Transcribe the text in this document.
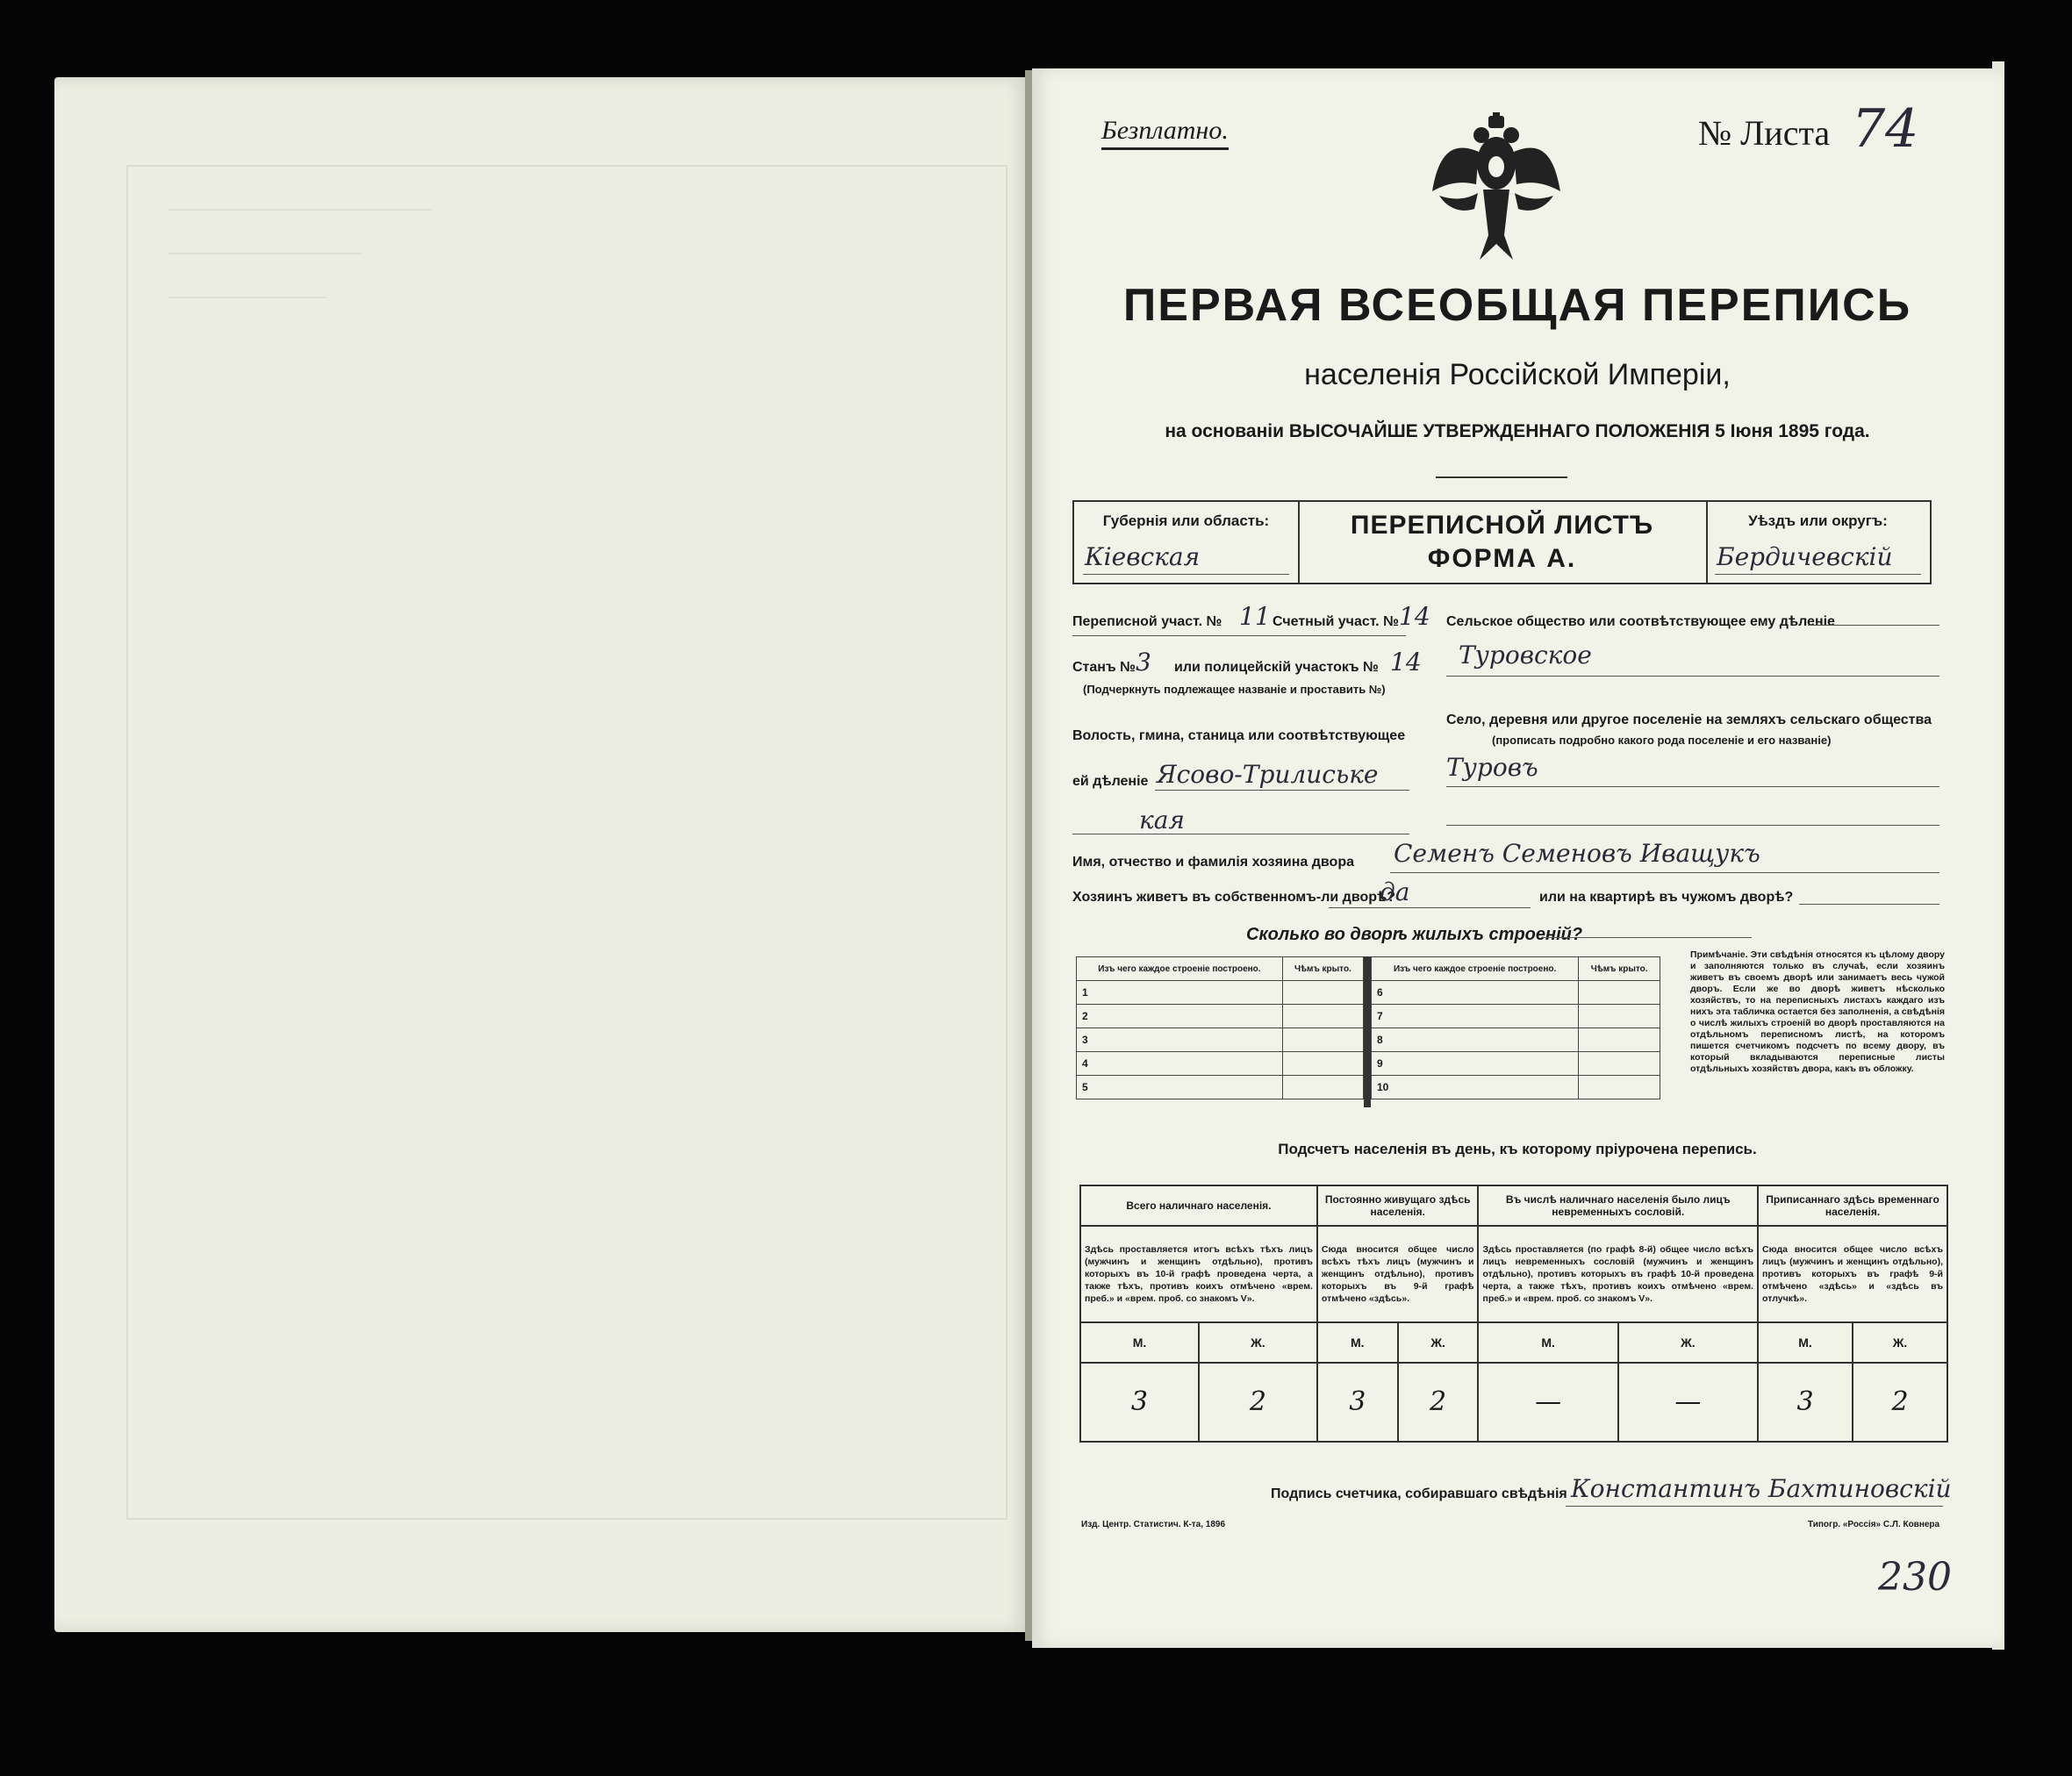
Безплатно.	№ Листа 74
ПЕРВАЯ ВСЕОБЩАЯ ПЕРЕПИСЬ
населенія Россійской Имперіи,
на основаніи ВЫСОЧАЙШЕ УТВЕРЖДЕННАГО ПОЛОЖЕНІЯ 5 Іюня 1895 года.
Губернія или область:
Кіевская
ПЕРЕПИСНОЙ ЛИСТЪ
ФОРМА А.
Уѣздъ или округъ:
Бердичевскій
Переписной участ. № 11 Счетный участ. № 14
Станъ № 3 или полицейскій участокъ № 14
(Подчеркнуть подлежащее названіе и проставить №)
Волость, гмина, станица или соотвѣтствующее
ей дѣленіе Ясово-Трилиське
кая
Сельское общество или соотвѣтствующее ему дѣленіе
Туровское
Село, деревня или другое поселеніе на земляхъ сельскаго общества
(прописать подробно какого рода поселеніе и его названіе)
Туровъ
Имя, отчество и фамилія хозяина двора Семенъ Семеновъ Иващукъ
Хозяинъ живетъ въ собственномъ-ли дворѣ?
да	или на квартирѣ въ чужомъ дворѣ?
Сколько во дворѣ жилыхъ строеній?
Изъ чего каждое строеніе построено.	Чѣмъ крыто.
1	
2	
3	
4	
5	
Изъ чего каждое строеніе построено.	Чѣмъ крыто.
6	
7	
8	
9	
10	
Примѣчаніе. Эти свѣдѣнія относятся къ цѣлому двору и заполняются только въ случаѣ, если хозяинъ живетъ въ своемъ дворѣ или занимаетъ весь чужой дворъ. Если же во дворѣ живетъ нѣсколько хозяйствъ, то на переписныхъ листахъ каждаго изъ нихъ эта табличка остается без заполненія, а свѣдѣнія о числѣ жилыхъ строеній во дворѣ проставляются на отдѣльномъ переписномъ листѣ, на которомъ пишется счетчикомъ подсчетъ по всему двору, въ который вкладываются переписные листы отдѣльныхъ хозяйствъ двора, какъ въ обложку.
Подсчетъ населенія въ день, къ которому пріурочена перепись.
Всего наличнаго населенія.		Постоянно живущаго здѣсь населенія.		Въ числѣ наличнаго населенія было лицъ невременныхъ сословій.		Приписаннаго здѣсь временнаго населенія.	
Здѣсь проставляется итогъ всѣхъ тѣхъ лицъ (мужчинъ и женщинъ отдѣльно), противъ которыхъ въ 10-й графѣ проведена черта, а также тѣхъ, противъ коихъ отмѣчено «врем. преб.» и «врем. проб. со знакомъ V».		Сюда вносится общее число всѣхъ тѣхъ лицъ (мужчинъ и женщинъ отдѣльно), противъ которыхъ въ 9-й графѣ отмѣчено «здѣсь».		Здѣсь проставляется (по графѣ 8-й) общее число всѣхъ лицъ невременныхъ сословій (мужчинъ и женщинъ отдѣльно), противъ которыхъ въ графѣ 10-й проведена черта, а также тѣхъ, противъ коихъ отмѣчено «врем. преб.» и «врем. проб. со знакомъ V».		Сюда вносится общее число всѣхъ лицъ (мужчинъ и женщинъ отдѣльно), противъ которыхъ въ графѣ 9-й отмѣчено «здѣсь» и «здѣсь въ отлучкѣ».	
М.	Ж.	М.	Ж.	М.	Ж.	М.	Ж.
3	2	3	2	—	—	3	2
Подпись счетчика, собиравшаго свѣдѣнія Константинъ Бахтиновскій
Изд. Центр. Статистич. К-та, 1896	Типогр. «Россія» С.Л. Ковнера
230
